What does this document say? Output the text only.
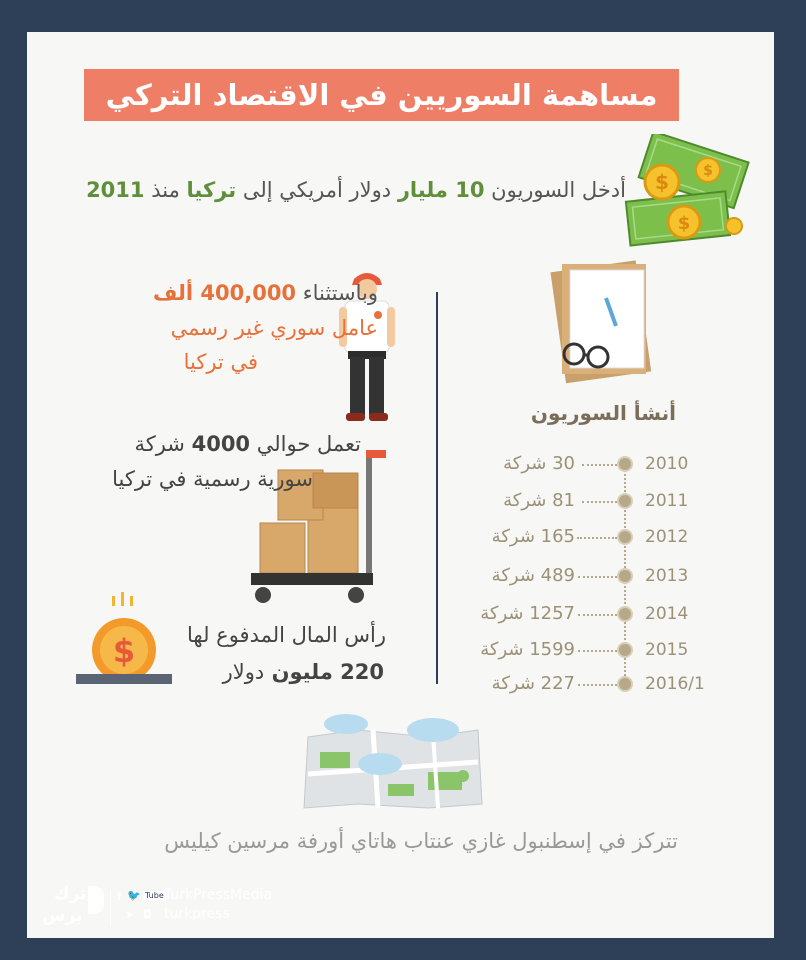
مساهمة السوريين في الاقتصاد التركي
$ $
$
أدخل السوريون 10 مليار دولار أمريكي إلى تركيا منذ 2011
وباستثناء 400,000 ألف
عامل سوري غير رسمي
في تركيا
تعمل حوالي 4000 شركة
سورية رسمية في تركيا
$ رأس المال المدفوع لها
220 مليون دولار
أنشأ السوريون
30 شركة	2010
81 شركة	2011
165 شركة	2012
489 شركة	2013
1257 شركة	2014
1599 شركة	2015
227 شركة	2016/1
تتركز في إسطنبول غازي عنتاب هاتاي أورفة مرسين كيليس
ترك
برس
f 🐦 Tube TurkPressMedia
➤ ◘ turkpress
